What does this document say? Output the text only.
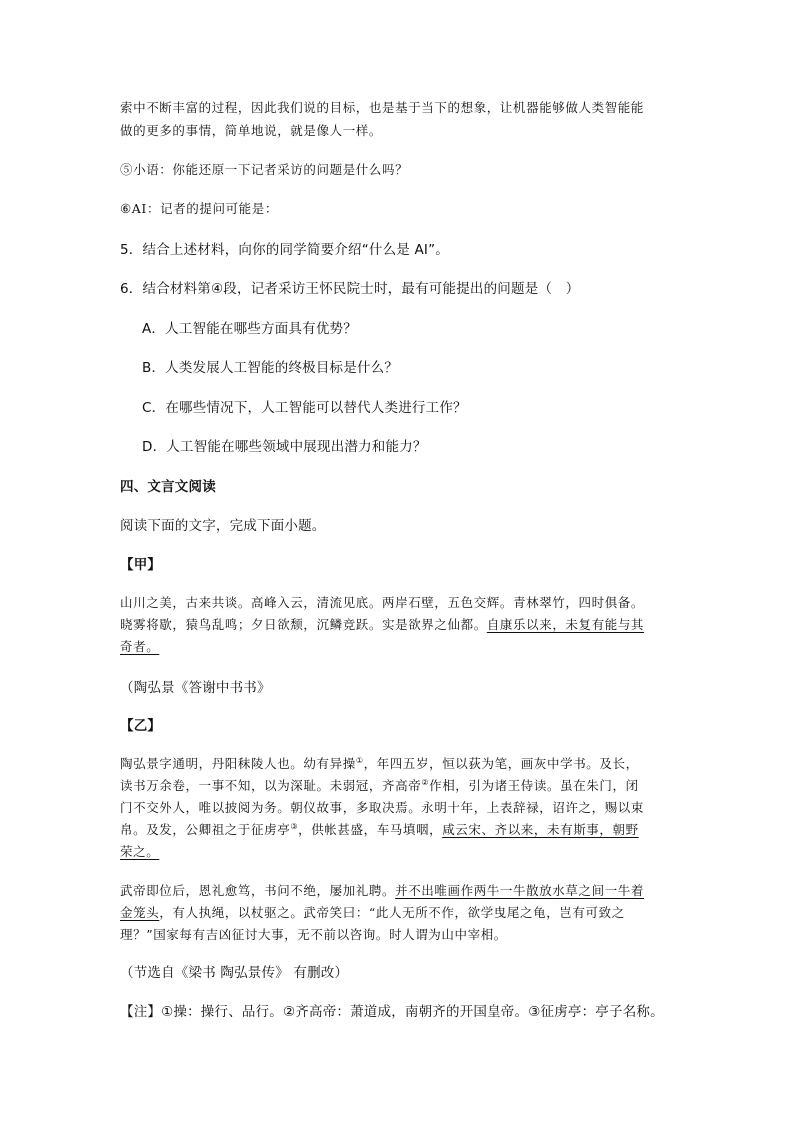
索中不断丰富的过程，因此我们说的目标，也是基于当下的想象，让机器能够做人类智能能
做的更多的事情，简单地说，就是像人一样。
⑤小语：你能还原一下记者采访的问题是什么吗？
⑥AI：记者的提问可能是：
5．结合上述材料，向你的同学简要介绍“什么是 AI”。
6．结合材料第④段，记者采访王怀民院士时，最有可能提出的问题是（　）
A．人工智能在哪些方面具有优势？
B．人类发展人工智能的终极目标是什么？
C．在哪些情况下，人工智能可以替代人类进行工作？
D．人工智能在哪些领域中展现出潜力和能力？
四、文言文阅读
阅读下面的文字，完成下面小题。
【甲】
山川之美，古来共谈。高峰入云，清流见底。两岸石壁，五色交辉。青林翠竹，四时俱备。
晓雾将歇，猿鸟乱鸣；夕日欲颓，沉鳞竞跃。实是欲界之仙都。自康乐以来，未复有能与其
奇者。
（陶弘景《答谢中书书》
【乙】
陶弘景字通明，丹阳秣陵人也。幼有异操①，年四五岁，恒以荻为笔，画灰中学书。及长，
读书万余卷，一事不知，以为深耻。未弱冠，齐高帝②作相，引为诸王侍读。虽在朱门，闭
门不交外人，唯以披阅为务。朝仪故事，多取决焉。永明十年，上表辞禄，诏许之，赐以束
帛。及发，公卿祖之于征虏亭③，供帐甚盛，车马填咽，咸云宋、齐以来，未有斯事，朝野
荣之。
武帝即位后，恩礼愈笃，书问不绝，屡加礼聘。并不出唯画作两牛一牛散放水草之间一牛着
金笼头，有人执绳，以杖驱之。武帝笑曰：“此人无所不作，欲学曳尾之龟，岂有可致之
理？”国家每有吉凶征讨大事，无不前以咨询。时人谓为山中宰相。
（节选自《梁书 陶弘景传》 有删改）
【注】①操：操行、品行。②齐高帝：萧道成，南朝齐的开国皇帝。③征虏亭：亭子名称。
